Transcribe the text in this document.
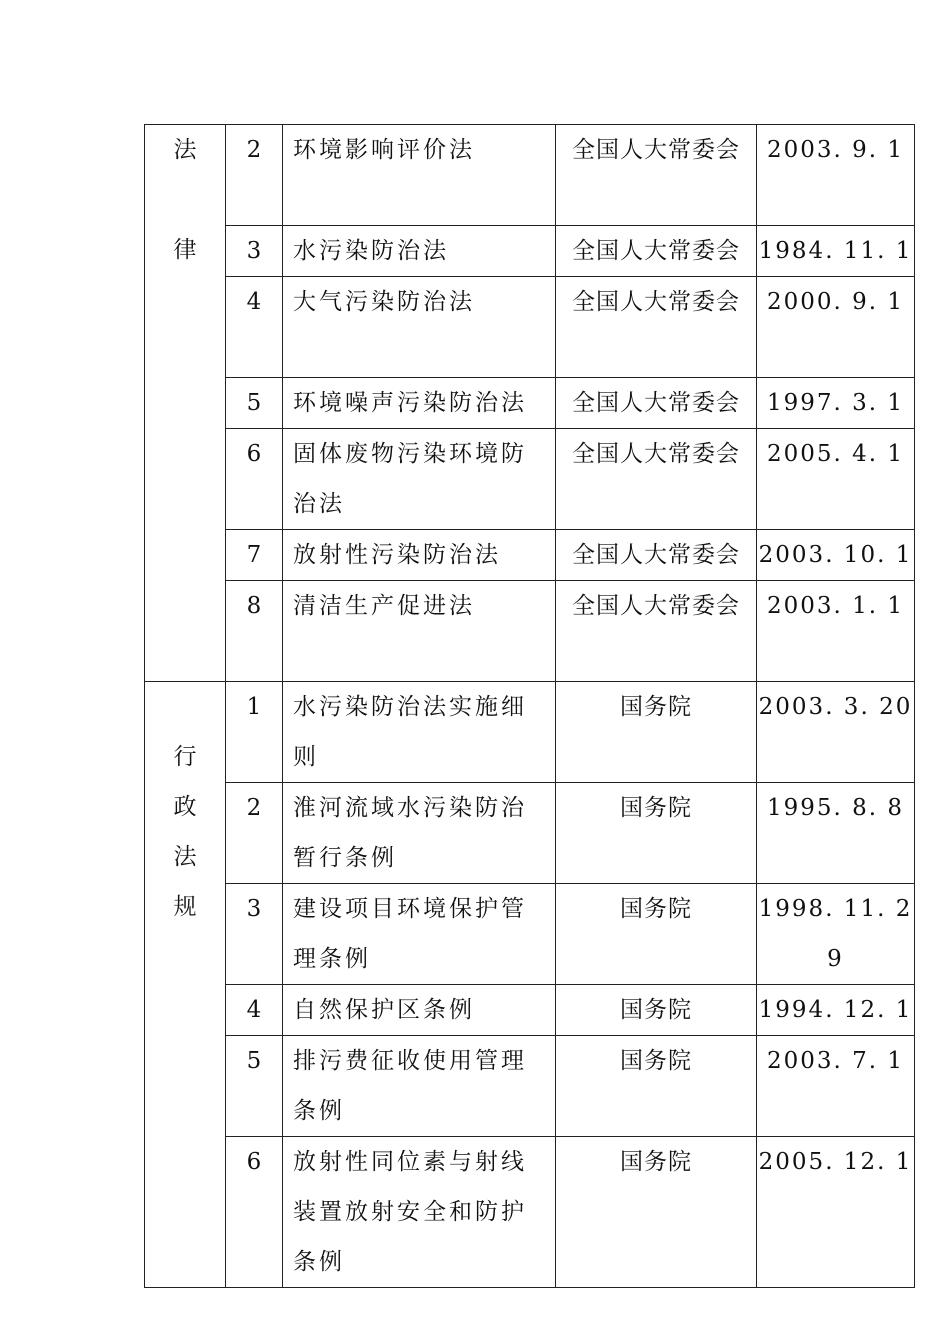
法
律	2	环境影响评价法	全国人大常委会	2003. 9. 1
	3	水污染防治法	全国人大常委会	1984. 11. 1
	4	大气污染防治法	全国人大常委会	2000. 9. 1
	5	环境噪声污染防治法	全国人大常委会	1997. 3. 1
	6	固体废物污染环境防治法	全国人大常委会	2005. 4. 1
	7	放射性污染防治法	全国人大常委会	2003. 10. 1
	8	清洁生产促进法	全国人大常委会	2003. 1. 1

行
政
法
规	1	水污染防治法实施细则	国务院	2003. 3. 20
	2	淮河流域水污染防治暂行条例	国务院	1995. 8. 8
	3	建设项目环境保护管理条例	国务院	1998. 11. 29
	4	自然保护区条例	国务院	1994. 12. 1
	5	排污费征收使用管理条例	国务院	2003. 7. 1
	6	放射性同位素与射线装置放射安全和防护条例	国务院	2005. 12. 1
